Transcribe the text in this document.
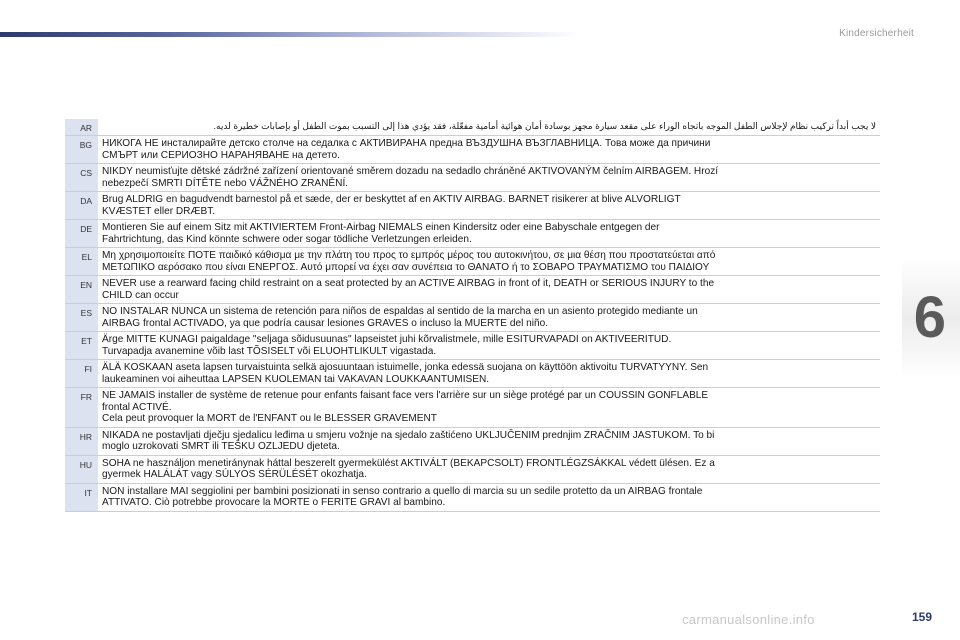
Kindersicherheit
AR	لا يجب أبداً تركيب نظام لإجلاس الطفل الموجه باتجاه الوراء على مقعد سيارة مجهز بوسادة أمان هوائية أمامية مفعّلة، فقد يؤدي هذا إلى التسبب بموت الطفل أو بإصابات خطيرة لديه.
BG	НИКОГА НЕ инсталирайте детско столче на седалка с АКТИВИРАНА предна ВЪЗДУШНА ВЪЗГЛАВНИЦА. Това може да причини
СМЪРТ или СЕРИОЗНО НАРАНЯВАНЕ на детето.
CS	NIKDY neumisťujte dětské zádržné zařízení orientované směrem dozadu na sedadlo chráněné AKTIVOVANÝM čelním AIRBAGEM. Hrozí
nebezpečí SMRTI DÍTĚTE nebo VÁŽNÉHO ZRANĚNÍ.
DA	Brug ALDRIG en bagudvendt barnestol på et sæde, der er beskyttet af en AKTIV AIRBAG. BARNET risikerer at blive ALVORLIGT
KVÆSTET eller DRÆBT.
DE	Montieren Sie auf einem Sitz mit AKTIVIERTEM Front-Airbag NIEMALS einen Kindersitz oder eine Babyschale entgegen der
Fahrtrichtung, das Kind könnte schwere oder sogar tödliche Verletzungen erleiden.
EL	Μη χρησιμοποιείτε ΠΟΤΕ παιδικό κάθισμα με την πλάτη του προς το εμπρός μέρος του αυτοκινήτου, σε μια θέση που προστατεύεται από
ΜΕΤΩΠΙΚΟ αερόσακο που είναι ΕΝΕΡΓΟΣ. Αυτό μπορεί να έχει σαν συνέπεια το ΘΑΝΑΤΟ ή το ΣΟΒΑΡΟ ΤΡΑΥΜΑΤΙΣΜΟ του ΠΑΙΔΙΟΥ
EN	NEVER use a rearward facing child restraint on a seat protected by an ACTIVE AIRBAG in front of it, DEATH or SERIOUS INJURY to the
CHILD can occur
ES	NO INSTALAR NUNCA un sistema de retención para niños de espaldas al sentido de la marcha en un asiento protegido mediante un
AIRBAG frontal ACTIVADO, ya que podría causar lesiones GRAVES o incluso la MUERTE del niño.
ET	Ärge MITTE KUNAGI paigaldage "seljaga sõidusuunas" lapseistet juhi kõrvalistmele, mille ESITURVAPADI on AKTIVEERITUD.
Turvapadja avanemine võib last TÕSISELT või ELUOHTLIKULT vigastada.
FI	ÄLÄ KOSKAAN aseta lapsen turvaistuinta selkä ajosuuntaan istuimelle, jonka edessä suojana on käyttöön aktivoitu TURVATYYNY. Sen
laukeaminen voi aiheuttaa LAPSEN KUOLEMAN tai VAKAVAN LOUKKAANTUMISEN.
FR	NE JAMAIS installer de système de retenue pour enfants faisant face vers l'arrière sur un siège protégé par un COUSSIN GONFLABLE
frontal ACTIVÉ.
Cela peut provoquer la MORT de l'ENFANT ou le BLESSER GRAVEMENT
HR	NIKADA ne postavljati dječju sjedalicu leđima u smjeru vožnje na sjedalo zaštićeno UKLJUČENIM prednjim ZRAČNIM JASTUKOM. To bi
moglo uzrokovati SMRT ili TEŠKU OZLJEDU djeteta.
HU	SOHA ne használjon menetiránynak háttal beszerelt gyermekülést AKTIVÁLT (BEKAPCSOLT) FRONTLÉGZSÁKKAL védett ülésen. Ez a
gyermek HALÁLÁT vagy SÚLYOS SÉRÜLÉSÉT okozhatja.
IT	NON installare MAI seggiolini per bambini posizionati in senso contrario a quello di marcia su un sedile protetto da un AIRBAG frontale
ATTIVATO. Ciò potrebbe provocare la MORTE o FERITE GRAVI al bambino.
6
159
carmanualsonline.info
